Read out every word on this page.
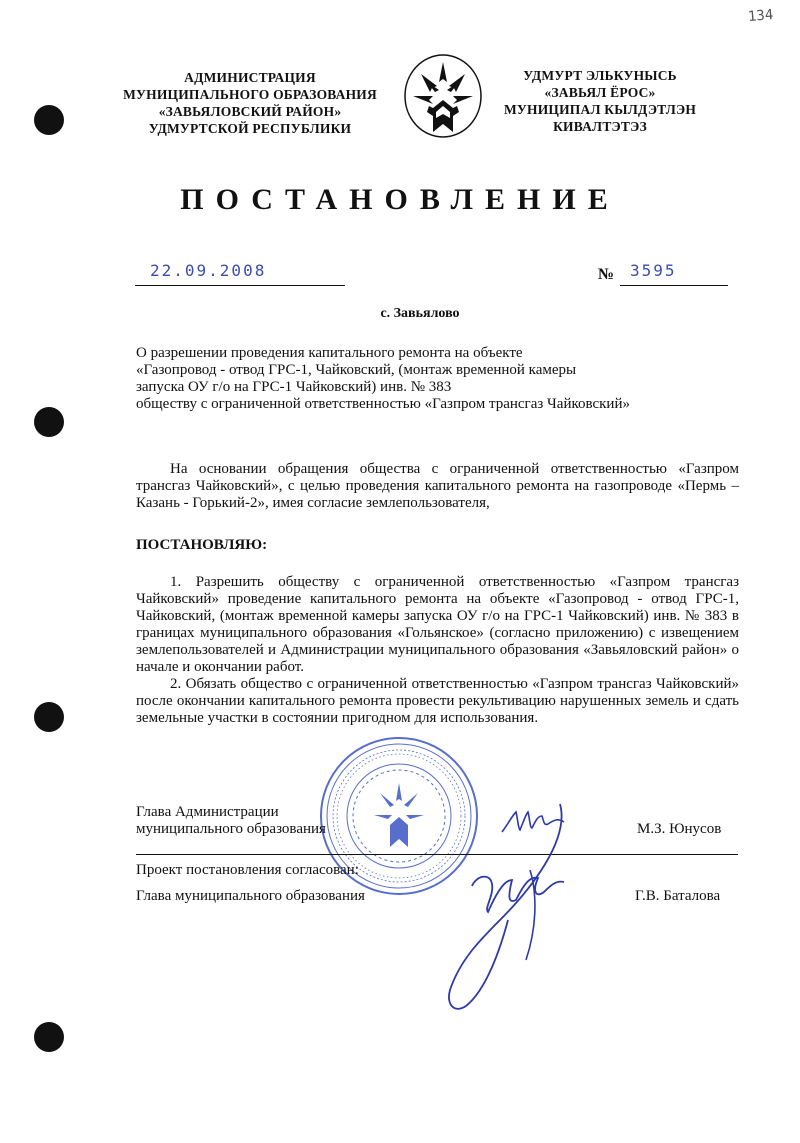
134
АДМИНИСТРАЦИЯ
МУНИЦИПАЛЬНОГО ОБРАЗОВАНИЯ
«ЗАВЬЯЛОВСКИЙ РАЙОН»
УДМУРТСКОЙ РЕСПУБЛИКИ
УДМУРТ ЭЛЬКУНЫСЬ
«ЗАВЬЯЛ ЁРОС»
МУНИЦИПАЛ КЫЛДЭТЛЭН
КИВАЛТЭТЭЗ
ПОСТАНОВЛЕНИЕ
22.09.2008	№ 3595
с. Завьялово
О разрешении проведения капитального ремонта на объекте
«Газопровод - отвод ГРС-1, Чайковский, (монтаж временной камеры
запуска ОУ г/о на ГРС-1 Чайковский) инв. № 383
обществу с ограниченной ответственностью «Газпром трансгаз Чайковский»

На основании обращения общества с ограниченной ответственностью «Газпром трансгаз Чайковский», с целью проведения капитального ремонта на газопроводе «Пермь – Казань - Горький-2», имея согласие землепользователя,

ПОСТАНОВЛЯЮ:

1. Разрешить обществу с ограниченной ответственностью «Газпром трансгаз Чайковский» проведение капитального ремонта на объекте «Газопровод - отвод ГРС-1, Чайковский, (монтаж временной камеры запуска ОУ г/о на ГРС-1 Чайковский) инв. № 383 в границах муниципального образования «Гольянское» (согласно приложению) с извещением землепользователей и Администрации муниципального образования «Завьяловский район» о начале и окончании работ.

2. Обязать общество с ограниченной ответственностью «Газпром трансгаз Чайковский» после окончании капитального ремонта провести рекультивацию нарушенных земель и сдать земельные участки в состоянии пригодном для использования.

Глава Администрации
муниципального образования	М.З. Юнусов
Проект постановления согласован:
Глава муниципального образования	Г.В. Баталова
